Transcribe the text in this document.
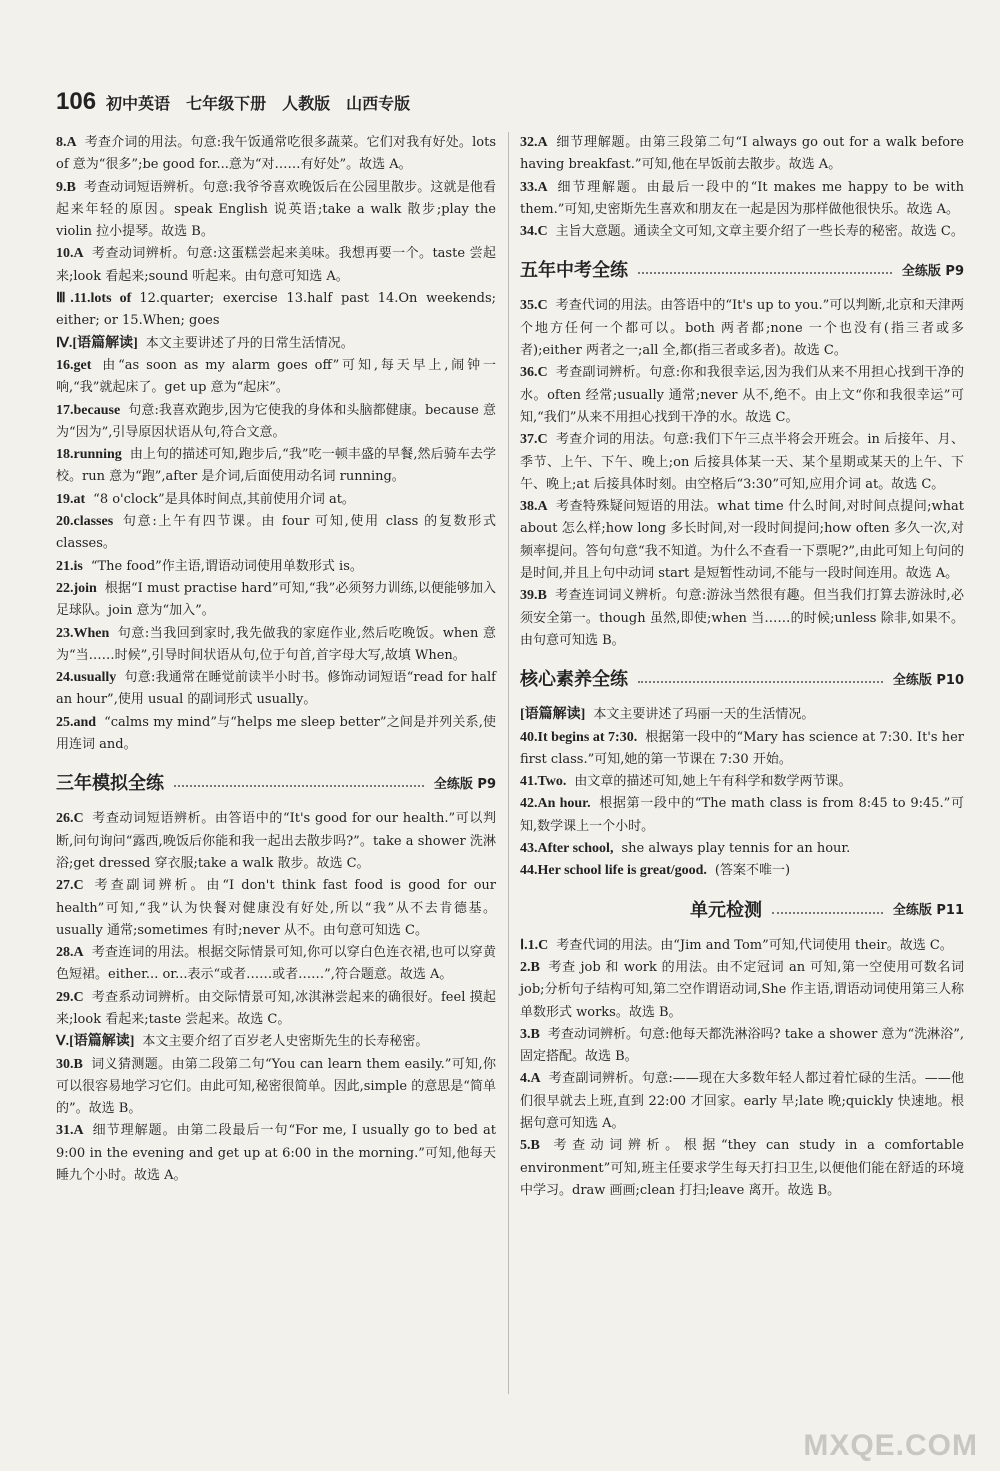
106 初中英语 七年级下册 人教版 山西专版

8.A 考查介词的用法。句意:我午饭通常吃很多蔬菜。它们对我有好处。lots of 意为“很多”;be good for...意为“对……有好处”。故选 A。

9.B 考查动词短语辨析。句意:我爷爷喜欢晚饭后在公园里散步。这就是他看起来年轻的原因。speak English 说英语;take a walk 散步;play the violin 拉小提琴。故选 B。

10.A 考查动词辨析。句意:这蛋糕尝起来美味。我想再要一个。taste 尝起来;look 看起来;sound 听起来。由句意可知选 A。

Ⅲ.11.lots of 12.quarter; exercise 13.half past 14.On weekends; either; or 15.When; goes

Ⅳ.[语篇解读] 本文主要讲述了丹的日常生活情况。

16.get 由“as soon as my alarm goes off”可知,每天早上,闹钟一响,“我”就起床了。get up 意为“起床”。

17.because 句意:我喜欢跑步,因为它使我的身体和头脑都健康。because 意为“因为”,引导原因状语从句,符合文意。

18.running 由上句的描述可知,跑步后,“我”吃一顿丰盛的早餐,然后骑车去学校。run 意为“跑”,after 是介词,后面使用动名词 running。

19.at “8 o'clock”是具体时间点,其前使用介词 at。

20.classes 句意:上午有四节课。由 four 可知,使用 class 的复数形式 classes。

21.is “The food”作主语,谓语动词使用单数形式 is。

22.join 根据“I must practise hard”可知,“我”必须努力训练,以便能够加入足球队。join 意为“加入”。

23.When 句意:当我回到家时,我先做我的家庭作业,然后吃晚饭。when 意为“当……时候”,引导时间状语从句,位于句首,首字母大写,故填 When。

24.usually 句意:我通常在睡觉前读半小时书。修饰动词短语“read for half an hour”,使用 usual 的副词形式 usually。

25.and “calms my mind”与“helps me sleep better”之间是并列关系,使用连词 and。

三年模拟全练	全练版 P9

26.C 考查动词短语辨析。由答语中的“It's good for our health.”可以判断,问句询问“露西,晚饭后你能和我一起出去散步吗?”。take a shower 洗淋浴;get dressed 穿衣服;take a walk 散步。故选 C。

27.C 考查副词辨析。由“I don't think fast food is good for our health”可知,“我”认为快餐对健康没有好处,所以“我”从不去肯德基。usually 通常;sometimes 有时;never 从不。由句意可知选 C。

28.A 考查连词的用法。根据交际情景可知,你可以穿白色连衣裙,也可以穿黄色短裙。either... or...表示“或者……或者……”,符合题意。故选 A。

29.C 考查系动词辨析。由交际情景可知,冰淇淋尝起来的确很好。feel 摸起来;look 看起来;taste 尝起来。故选 C。

Ⅴ.[语篇解读] 本文主要介绍了百岁老人史密斯先生的长寿秘密。

30.B 词义猜测题。由第二段第二句“You can learn them easily.”可知,你可以很容易地学习它们。由此可知,秘密很简单。因此,simple 的意思是“简单的”。故选 B。

31.A 细节理解题。由第二段最后一句“For me, I usually go to bed at 9:00 in the evening and get up at 6:00 in the morning.”可知,他每天睡九个小时。故选 A。

32.A 细节理解题。由第三段第二句“I always go out for a walk before having breakfast.”可知,他在早饭前去散步。故选 A。

33.A 细节理解题。由最后一段中的“It makes me happy to be with them.”可知,史密斯先生喜欢和朋友在一起是因为那样做他很快乐。故选 A。

34.C 主旨大意题。通读全文可知,文章主要介绍了一些长寿的秘密。故选 C。

五年中考全练	全练版 P9

35.C 考查代词的用法。由答语中的“It's up to you.”可以判断,北京和天津两个地方任何一个都可以。both 两者都;none 一个也没有(指三者或多者);either 两者之一;all 全,都(指三者或多者)。故选 C。

36.C 考查副词辨析。句意:你和我很幸运,因为我们从来不用担心找到干净的水。often 经常;usually 通常;never 从不,绝不。由上文“你和我很幸运”可知,“我们”从来不用担心找到干净的水。故选 C。

37.C 考查介词的用法。句意:我们下午三点半将会开班会。in 后接年、月、季节、上午、下午、晚上;on 后接具体某一天、某个星期或某天的上午、下午、晚上;at 后接具体时刻。由空格后“3:30”可知,应用介词 at。故选 C。

38.A 考查特殊疑问短语的用法。what time 什么时间,对时间点提问;what about 怎么样;how long 多长时间,对一段时间提问;how often 多久一次,对频率提问。答句句意“我不知道。为什么不查看一下票呢?”,由此可知上句问的是时间,并且上句中动词 start 是短暂性动词,不能与一段时间连用。故选 A。

39.B 考查连词词义辨析。句意:游泳当然很有趣。但当我们打算去游泳时,必须安全第一。though 虽然,即使;when 当……的时候;unless 除非,如果不。由句意可知选 B。

核心素养全练	全练版 P10

[语篇解读] 本文主要讲述了玛丽一天的生活情况。

40.It begins at 7:30. 根据第一段中的“Mary has science at 7:30. It's her first class.”可知,她的第一节课在 7:30 开始。

41.Two. 由文章的描述可知,她上午有科学和数学两节课。

42.An hour. 根据第一段中的“The math class is from 8:45 to 9:45.”可知,数学课上一个小时。

43.After school, she always play tennis for an hour.

44.Her school life is great/good. (答案不唯一)

单元检测	全练版 P11

Ⅰ.1.C 考查代词的用法。由“Jim and Tom”可知,代词使用 their。故选 C。

2.B 考查 job 和 work 的用法。由不定冠词 an 可知,第一空使用可数名词 job;分析句子结构可知,第二空作谓语动词,She 作主语,谓语动词使用第三人称单数形式 works。故选 B。

3.B 考查动词辨析。句意:他每天都洗淋浴吗? take a shower 意为“洗淋浴”,固定搭配。故选 B。

4.A 考查副词辨析。句意:——现在大多数年轻人都过着忙碌的生活。——他们很早就去上班,直到 22:00 才回家。early 早;late 晚;quickly 快速地。根据句意可知选 A。

5.B 考查动词辨析。根据“they can study in a comfortable environment”可知,班主任要求学生每天打扫卫生,以便他们能在舒适的环境中学习。draw 画画;clean 打扫;leave 离开。故选 B。

MXQE.COM
